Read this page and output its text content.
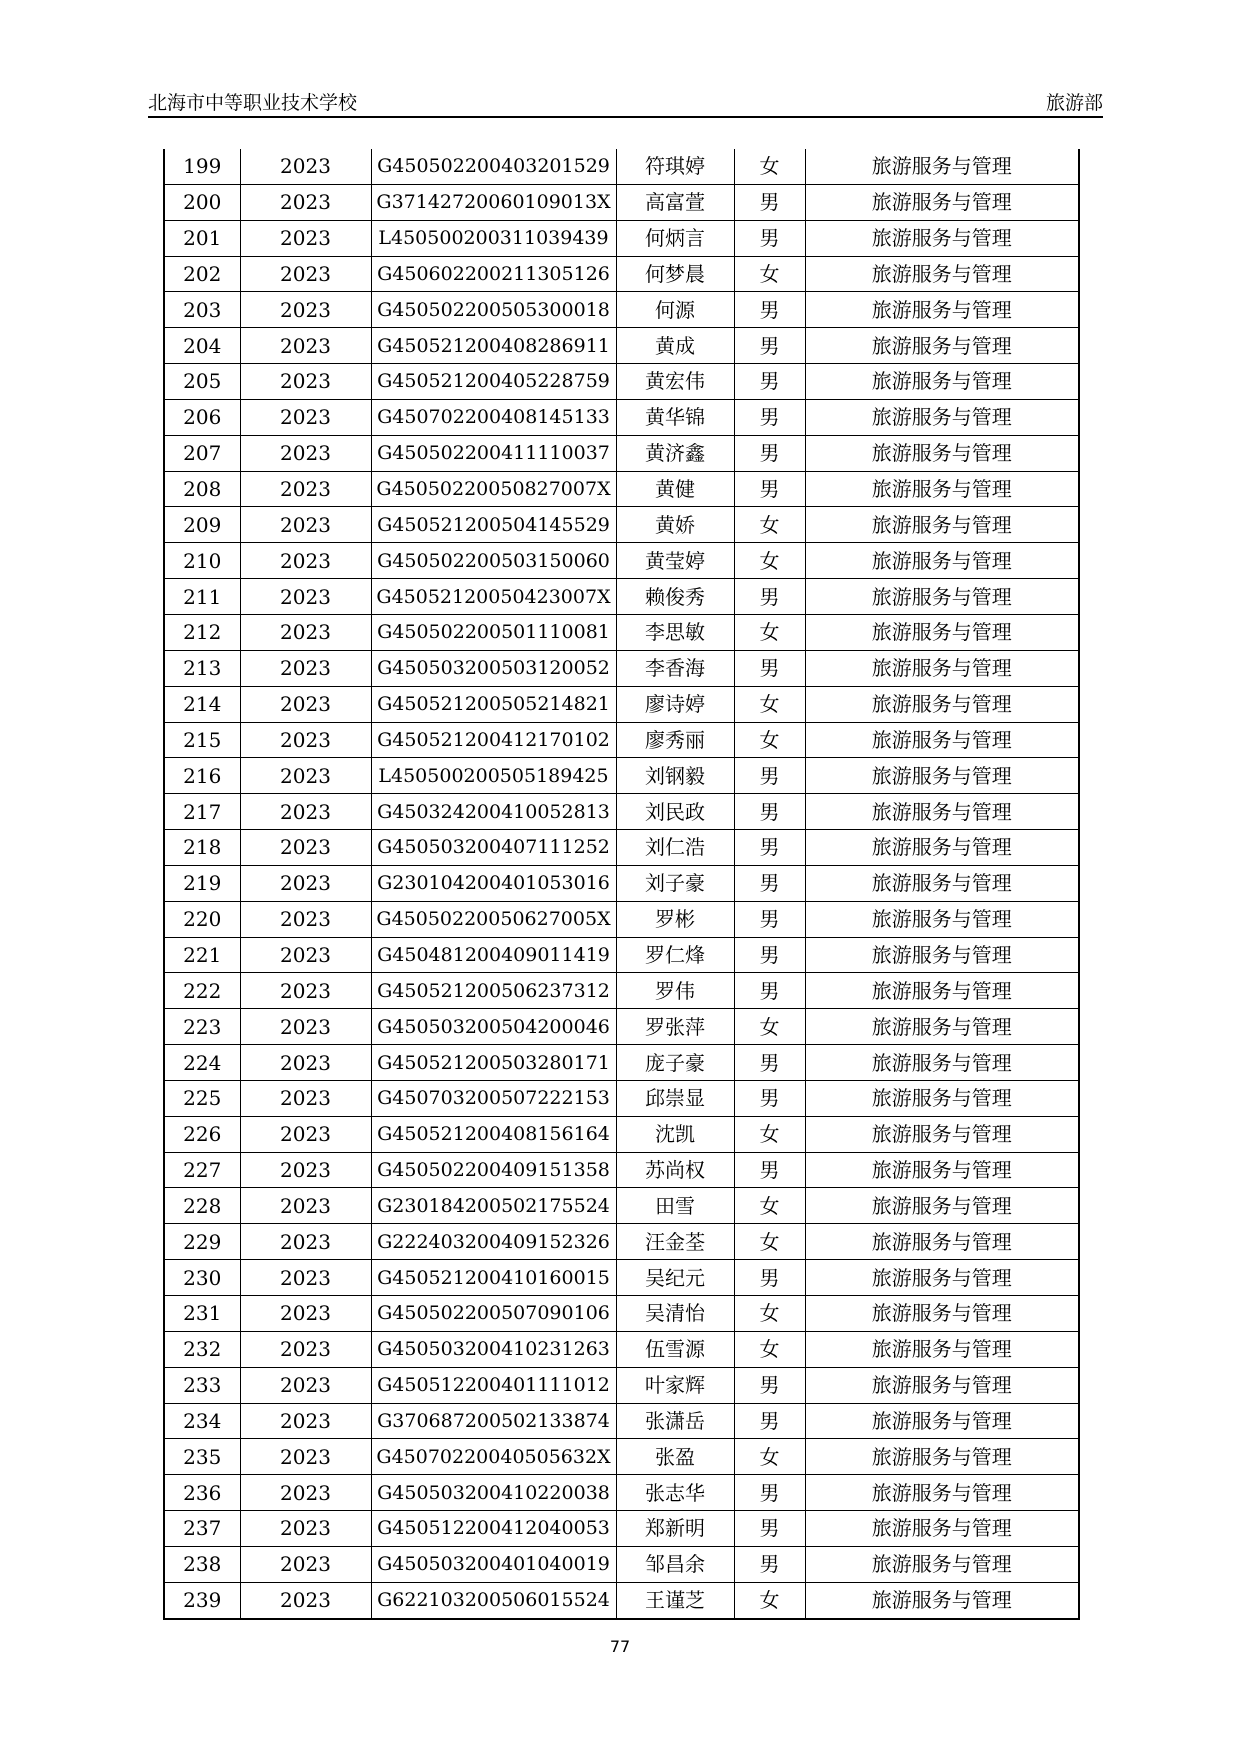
北海市中等职业技术学校	旅游部
199	2023	G450502200403201529	符琪婷	女	旅游服务与管理
200	2023	G37142720060109013X	高富萱	男	旅游服务与管理
201	2023	L450500200311039439	何炳言	男	旅游服务与管理
202	2023	G450602200211305126	何梦晨	女	旅游服务与管理
203	2023	G450502200505300018	何源	男	旅游服务与管理
204	2023	G450521200408286911	黄成	男	旅游服务与管理
205	2023	G450521200405228759	黄宏伟	男	旅游服务与管理
206	2023	G450702200408145133	黄华锦	男	旅游服务与管理
207	2023	G450502200411110037	黄济鑫	男	旅游服务与管理
208	2023	G45050220050827007X	黄健	男	旅游服务与管理
209	2023	G450521200504145529	黄娇	女	旅游服务与管理
210	2023	G450502200503150060	黄莹婷	女	旅游服务与管理
211	2023	G45052120050423007X	赖俊秀	男	旅游服务与管理
212	2023	G450502200501110081	李思敏	女	旅游服务与管理
213	2023	G450503200503120052	李香海	男	旅游服务与管理
214	2023	G450521200505214821	廖诗婷	女	旅游服务与管理
215	2023	G450521200412170102	廖秀丽	女	旅游服务与管理
216	2023	L450500200505189425	刘钢毅	男	旅游服务与管理
217	2023	G450324200410052813	刘民政	男	旅游服务与管理
218	2023	G450503200407111252	刘仁浩	男	旅游服务与管理
219	2023	G230104200401053016	刘子豪	男	旅游服务与管理
220	2023	G45050220050627005X	罗彬	男	旅游服务与管理
221	2023	G450481200409011419	罗仁烽	男	旅游服务与管理
222	2023	G450521200506237312	罗伟	男	旅游服务与管理
223	2023	G450503200504200046	罗张萍	女	旅游服务与管理
224	2023	G450521200503280171	庞子豪	男	旅游服务与管理
225	2023	G450703200507222153	邱崇显	男	旅游服务与管理
226	2023	G450521200408156164	沈凯	女	旅游服务与管理
227	2023	G450502200409151358	苏尚权	男	旅游服务与管理
228	2023	G230184200502175524	田雪	女	旅游服务与管理
229	2023	G222403200409152326	汪金荃	女	旅游服务与管理
230	2023	G450521200410160015	吴纪元	男	旅游服务与管理
231	2023	G450502200507090106	吴清怡	女	旅游服务与管理
232	2023	G450503200410231263	伍雪源	女	旅游服务与管理
233	2023	G450512200401111012	叶家辉	男	旅游服务与管理
234	2023	G370687200502133874	张潇岳	男	旅游服务与管理
235	2023	G45070220040505632X	张盈	女	旅游服务与管理
236	2023	G450503200410220038	张志华	男	旅游服务与管理
237	2023	G450512200412040053	郑新明	男	旅游服务与管理
238	2023	G450503200401040019	邹昌余	男	旅游服务与管理
239	2023	G622103200506015524	王谨芝	女	旅游服务与管理
77
